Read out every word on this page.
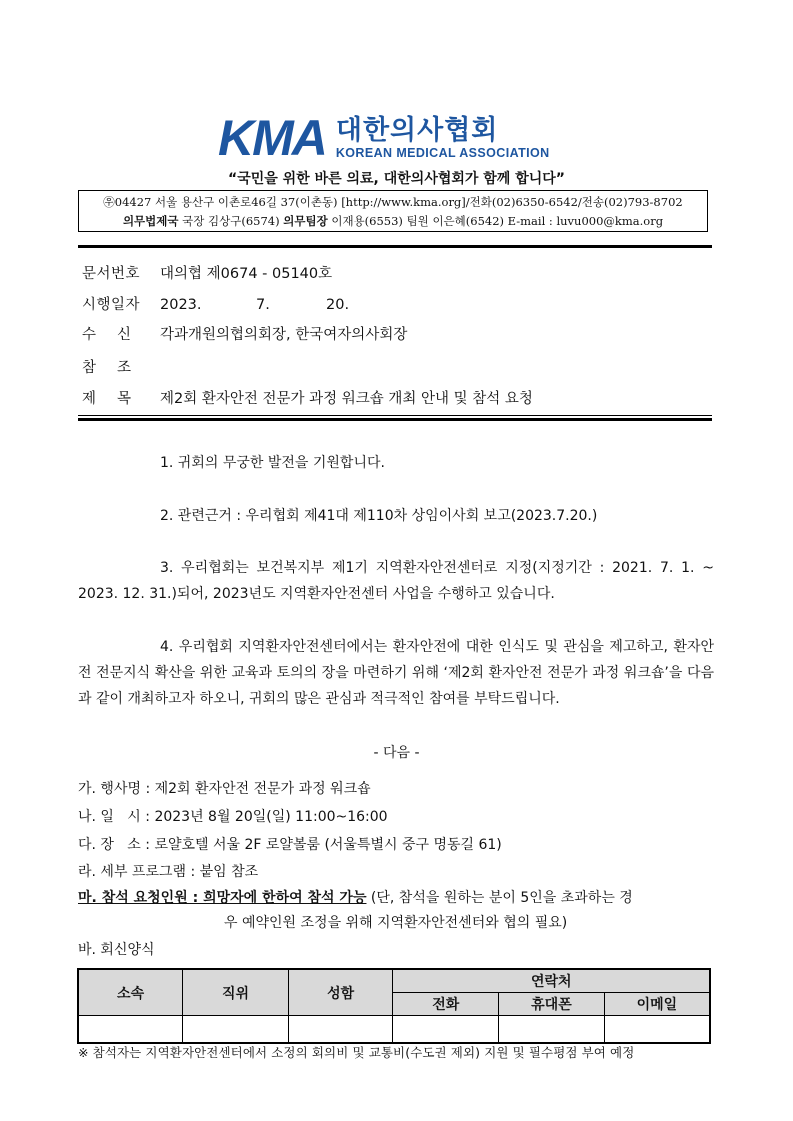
KMA 대한의사협회
KOREAN MEDICAL ASSOCIATION
“국민을 위한 바른 의료, 대한의사협회가 함께 합니다”
㉾04427 서울 용산구 이촌로46길 37(이촌동) [http://www.kma.org]/전화(02)6350-6542/전송(02)793-8702
의무법제국 국장 김상구(6574) 의무팀장 이재용(6553) 팀원 이은혜(6542) E-mail : luvu000@kma.org
문서번호 대의협 제0674 - 05140호
시행일자 2023.	7.	20.
수    신 각과개원의협의회장, 한국여자의사회장
참    조
제    목 제2회 환자안전 전문가 과정 워크숍 개최 안내 및 참석 요청
1. 귀회의 무궁한 발전을 기원합니다.
2. 관련근거 : 우리협회 제41대 제110차 상임이사회 보고(2023.7.20.)
3. 우리협회는 보건복지부 제1기 지역환자안전센터로 지정(지정기간 : 2021. 7. 1. ~ 2023. 12. 31.)되어, 2023년도 지역환자안전센터 사업을 수행하고 있습니다.
4. 우리협회 지역환자안전센터에서는 환자안전에 대한 인식도 및 관심을 제고하고, 환자안전 전문지식 확산을 위한 교육과 토의의 장을 마련하기 위해 ‘제2회 환자안전 전문가 과정 워크숍’을 다음과 같이 개최하고자 하오니, 귀회의 많은 관심과 적극적인 참여를 부탁드립니다.
- 다음 -
가. 행사명 : 제2회 환자안전 전문가 과정 워크숍
나. 일   시 : 2023년 8월 20일(일) 11:00~16:00
다. 장   소 : 로얄호텔 서울 2F 로얄볼룸 (서울특별시 중구 명동길 61)
라. 세부 프로그램 : 붙임 참조
마. 참석 요청인원 : 희망자에 한하여 참석 가능 (단, 참석을 원하는 분이 5인을 초과하는 경
우 예약인원 조정을 위해 지역환자안전센터와 협의 필요)
바. 회신양식
소속	직위	성함	연락처		
			전화	휴대폰	이메일

※ 참석자는 지역환자안전센터에서 소정의 회의비 및 교통비(수도권 제외) 지원 및 필수평점 부여 예정
